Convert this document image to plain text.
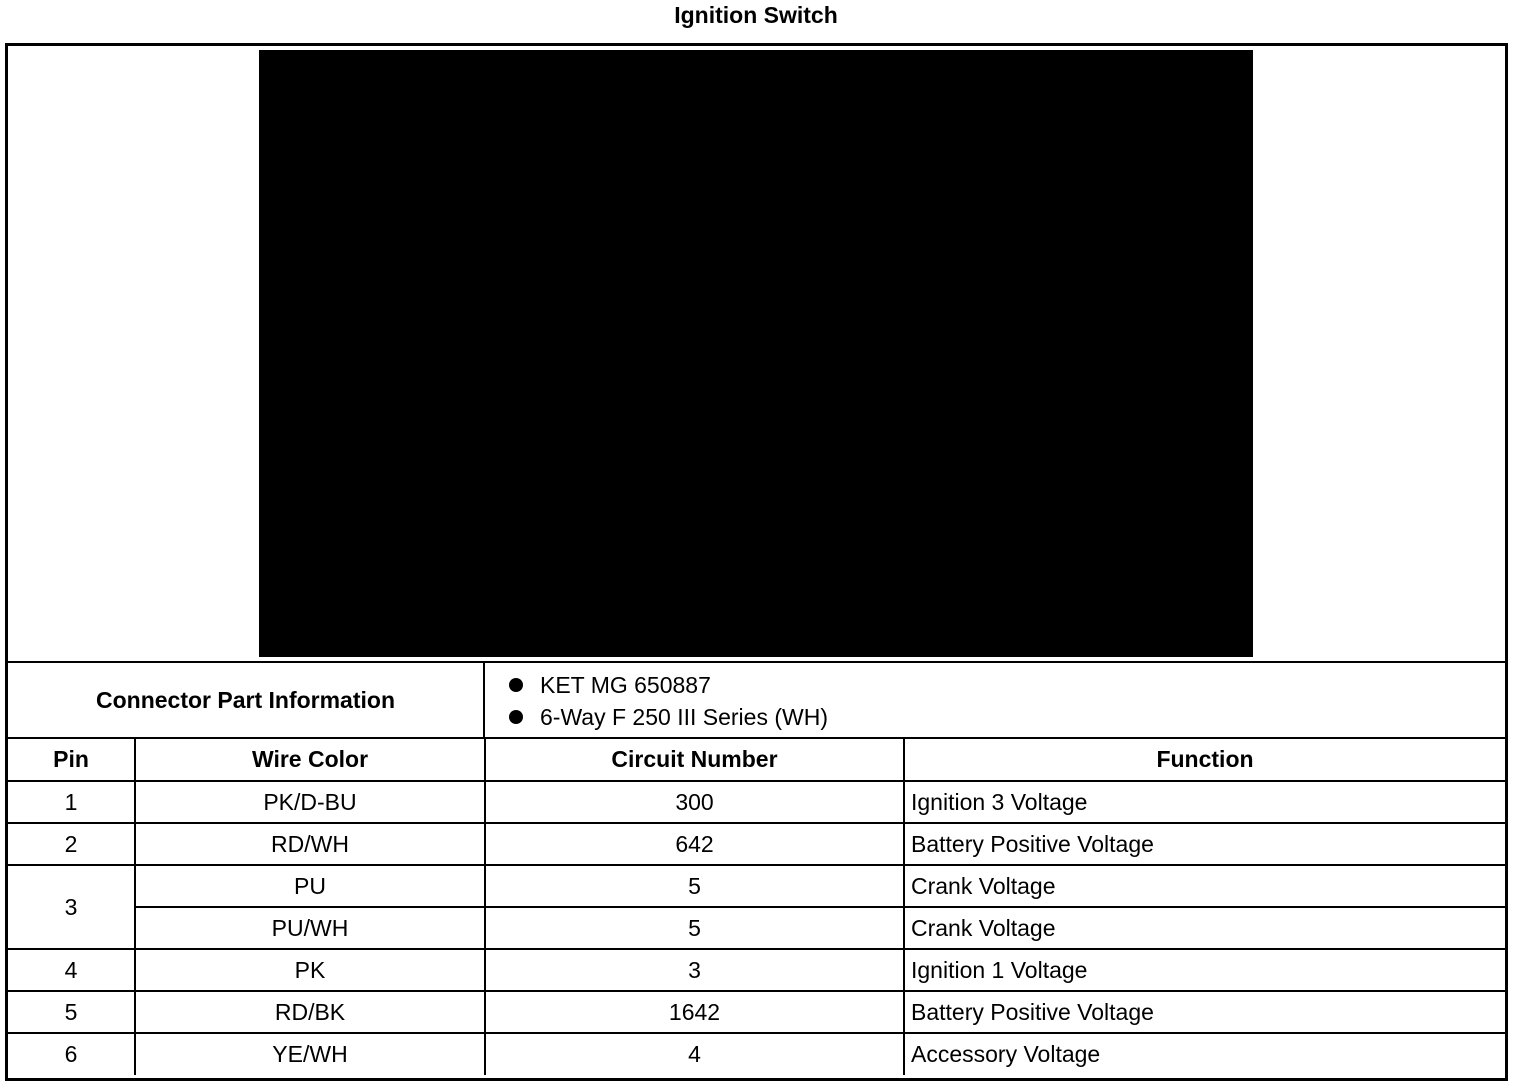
Ignition Switch
Connector Part Information
KET MG 650887
6-Way F 250 III Series (WH)
Pin	Wire Color	Circuit Number	Function
1	PK/D-BU	300	Ignition 3 Voltage
2	RD/WH	642	Battery Positive Voltage
3	PU	5	Crank Voltage
	PU/WH	5	Crank Voltage
4	PK	3	Ignition 1 Voltage
5	RD/BK	1642	Battery Positive Voltage
6	YE/WH	4	Accessory Voltage
